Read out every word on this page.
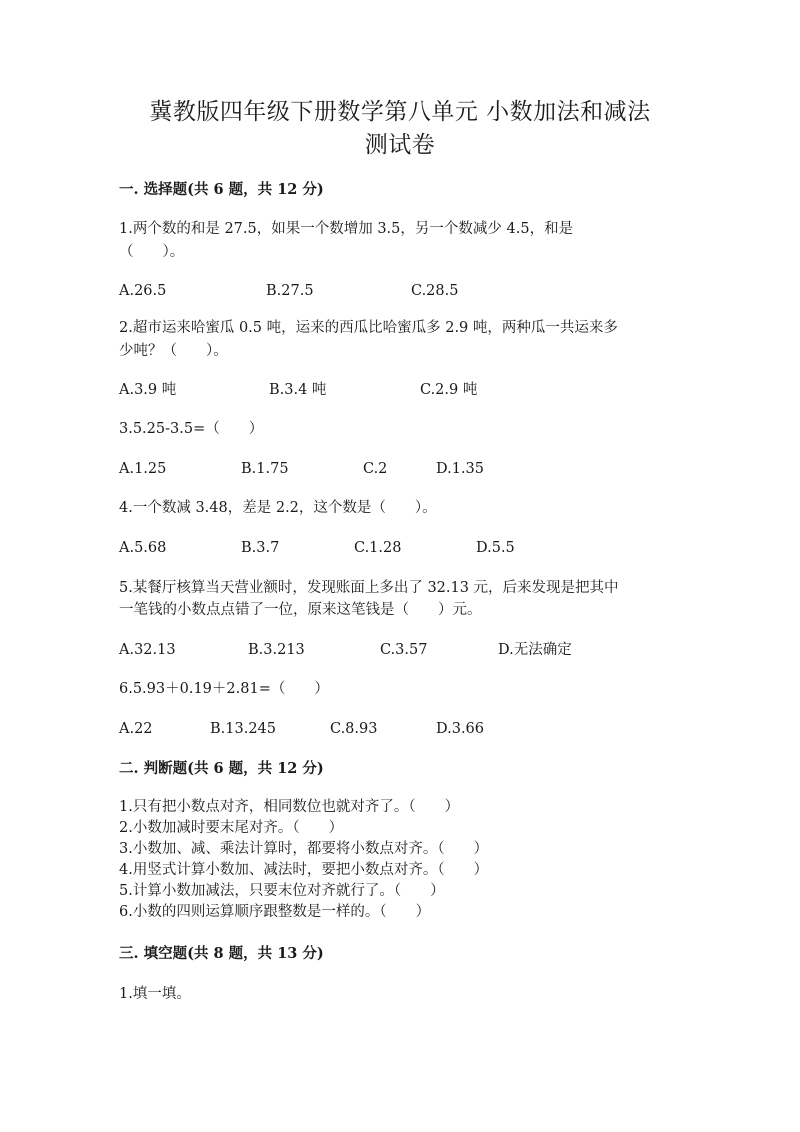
冀教版四年级下册数学第八单元 小数加法和减法
测试卷
一. 选择题(共 6 题，共 12 分)
1.两个数的和是 27.5，如果一个数增加 3.5，另一个数减少 4.5，和是
（　　）。
A.26.5	B.27.5	C.28.5
2.超市运来哈蜜瓜 0.5 吨，运来的西瓜比哈蜜瓜多 2.9 吨，两种瓜一共运来多
少吨？（　　）。
A.3.9 吨	B.3.4 吨	C.2.9 吨
3.5.25-3.5=（　　）
A.1.25	B.1.75	C.2	D.1.35
4.一个数减 3.48，差是 2.2，这个数是（　　）。
A.5.68	B.3.7	C.1.28	D.5.5
5.某餐厅核算当天营业额时，发现账面上多出了 32.13 元，后来发现是把其中
一笔钱的小数点点错了一位，原来这笔钱是（　　）元。
A.32.13	B.3.213	C.3.57	D.无法确定
6.5.93＋0.19＋2.81=（　　）
A.22	B.13.245	C.8.93	D.3.66
二. 判断题(共 6 题，共 12 分)
1.只有把小数点对齐，相同数位也就对齐了。（　　）
2.小数加减时要末尾对齐。（　　）
3.小数加、减、乘法计算时，都要将小数点对齐。（　　）
4.用竖式计算小数加、减法时，要把小数点对齐。（　　）
5.计算小数加减法，只要末位对齐就行了。（　　）
6.小数的四则运算顺序跟整数是一样的。（　　）
三. 填空题(共 8 题，共 13 分)
1.填一填。
